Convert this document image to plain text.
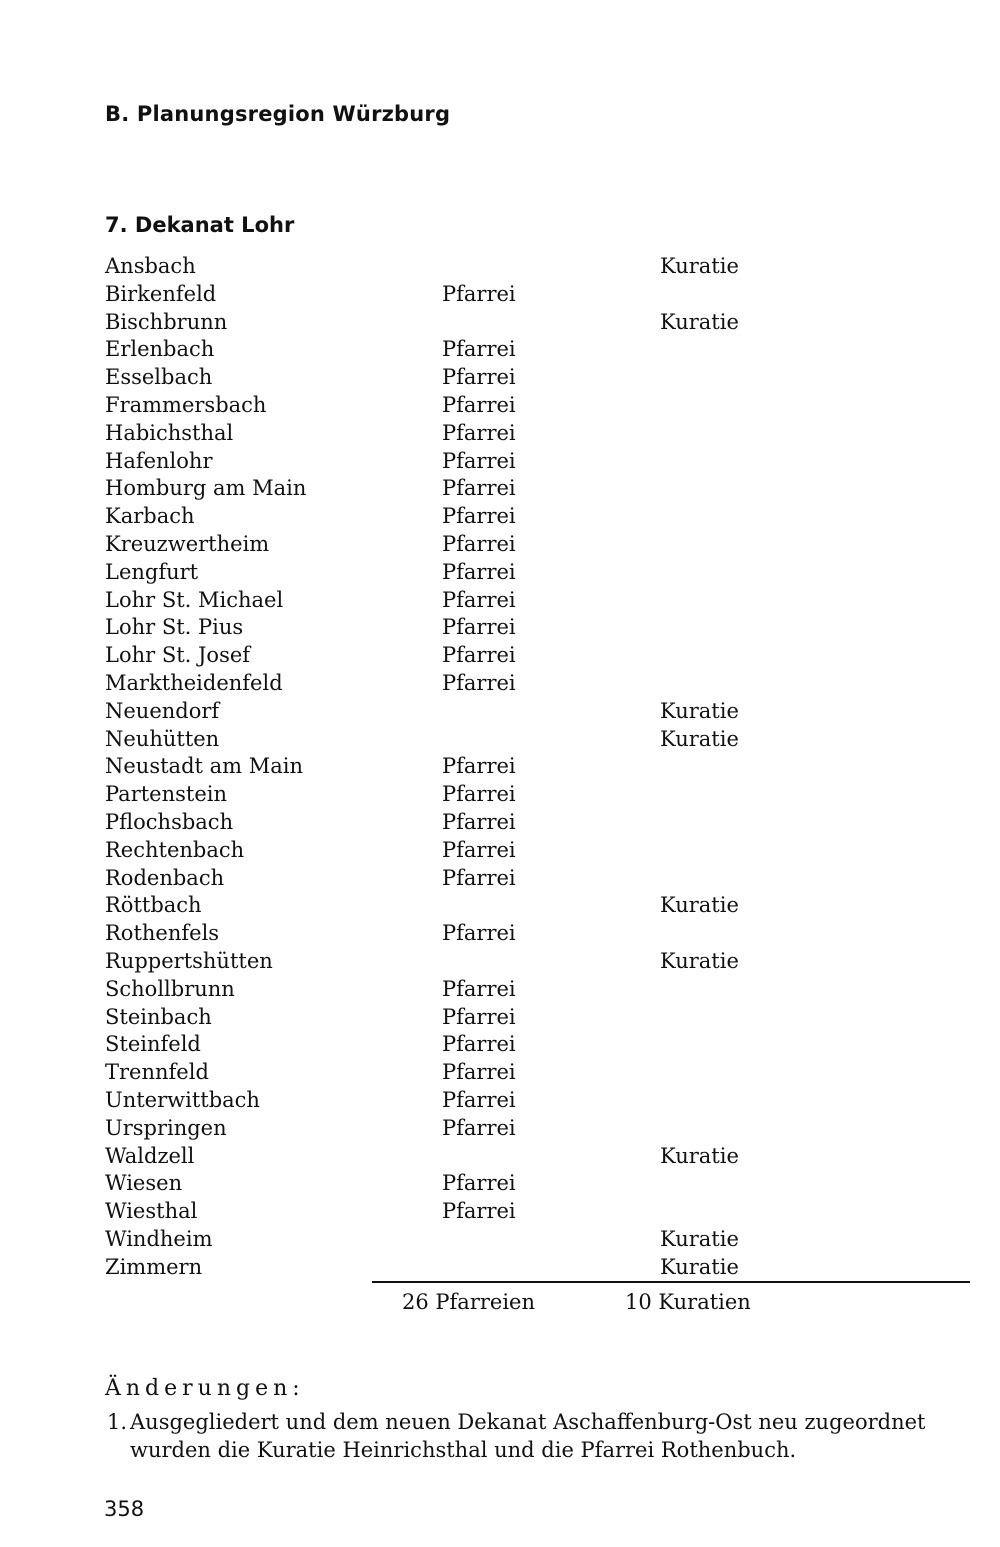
B. Planungsregion Würzburg
7. Dekanat Lohr
Ansbach	Kuratie
Birkenfeld	Pfarrei
Bischbrunn	Kuratie
Erlenbach	Pfarrei
Esselbach	Pfarrei
Frammersbach	Pfarrei
Habichsthal	Pfarrei
Hafenlohr	Pfarrei
Homburg am Main	Pfarrei
Karbach	Pfarrei
Kreuzwertheim	Pfarrei
Lengfurt	Pfarrei
Lohr St. Michael	Pfarrei
Lohr St. Pius	Pfarrei
Lohr St. Josef	Pfarrei
Marktheidenfeld	Pfarrei
Neuendorf	Kuratie
Neuhütten	Kuratie
Neustadt am Main	Pfarrei
Partenstein	Pfarrei
Pflochsbach	Pfarrei
Rechtenbach	Pfarrei
Rodenbach	Pfarrei
Röttbach	Kuratie
Rothenfels	Pfarrei
Ruppertshütten	Kuratie
Schollbrunn	Pfarrei
Steinbach	Pfarrei
Steinfeld	Pfarrei
Trennfeld	Pfarrei
Unterwittbach	Pfarrei
Urspringen	Pfarrei
Waldzell	Kuratie
Wiesen	Pfarrei
Wiesthal	Pfarrei
Windheim	Kuratie
Zimmern	Kuratie
26 Pfarreien	10 Kuratien
Änderungen:
1. Ausgegliedert und dem neuen Dekanat Aschaffenburg-Ost neu zugeordnet wurden die Kuratie Heinrichsthal und die Pfarrei Rothenbuch.
358
